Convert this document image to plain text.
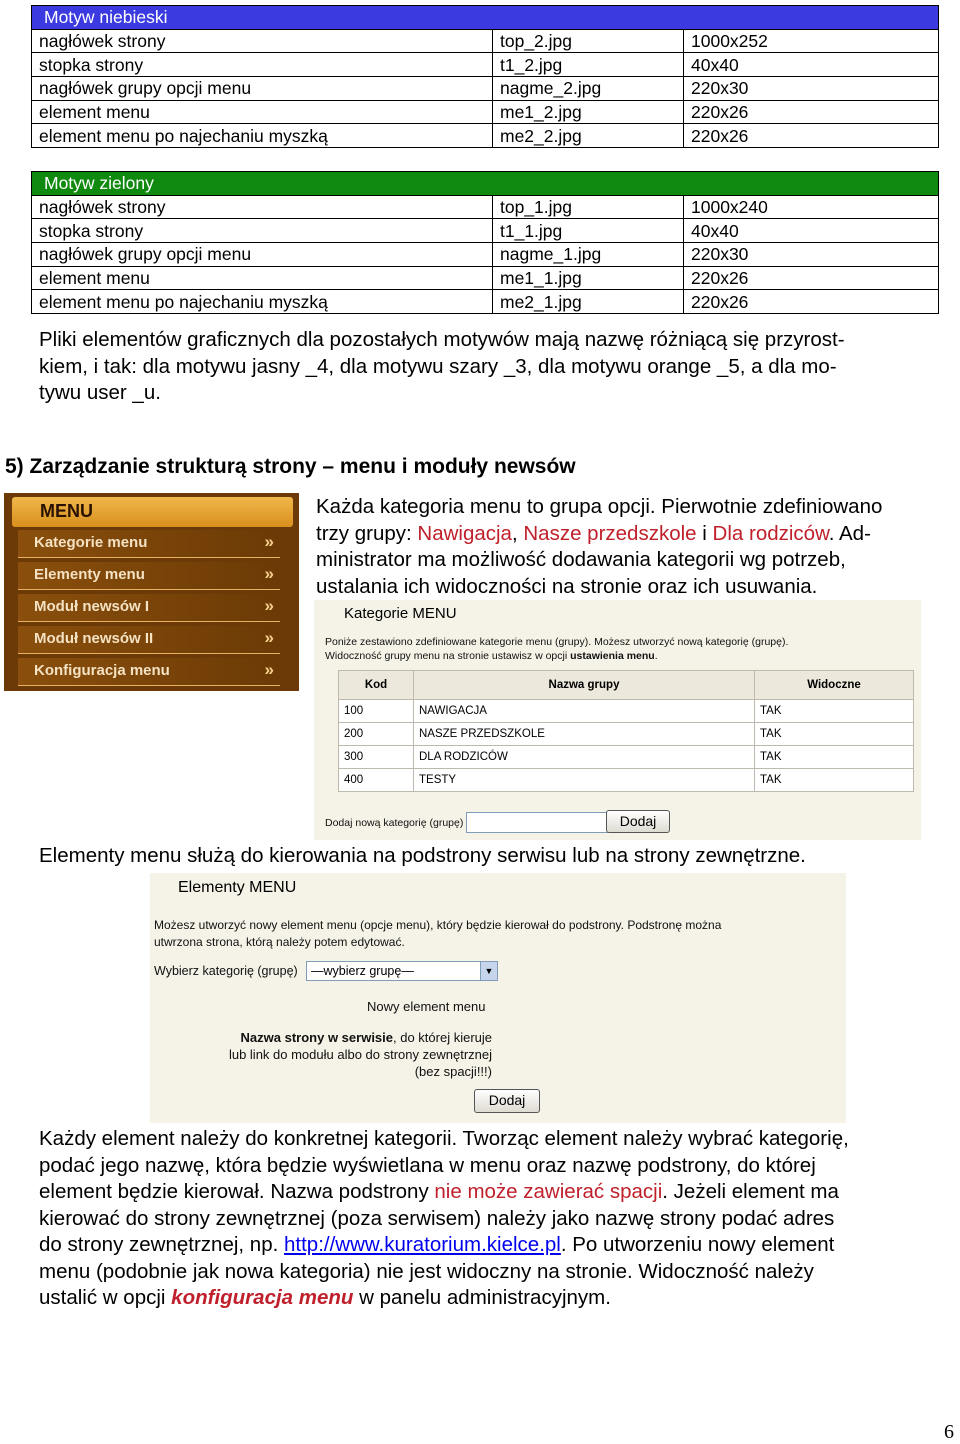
Motyw niebieski		
nagłówek strony	top_2.jpg	1000x252
stopka strony	t1_2.jpg	40x40
nagłówek grupy opcji menu	nagme_2.jpg	220x30
element menu	me1_2.jpg	220x26
element menu po najechaniu myszką	me2_2.jpg	220x26
Motyw zielony		
nagłówek strony	top_1.jpg	1000x240
stopka strony	t1_1.jpg	40x40
nagłówek grupy opcji menu	nagme_1.jpg	220x30
element menu	me1_1.jpg	220x26
element menu po najechaniu myszką	me2_1.jpg	220x26
Pliki elementów graficznych dla pozostałych motywów mają nazwę różniącą się przyrost-
kiem, i tak: dla motywu jasny _4, dla motywu szary _3, dla motywu orange _5, a dla mo-
tywu user _u.
5) Zarządzanie strukturą strony – menu i moduły newsów
MENU
Kategorie menu	»
Elementy menu	»
Moduł newsów I	»
Moduł newsów II	»
Konfiguracja menu	»
Każda kategoria menu to grupa opcji. Pierwotnie zdefiniowano
trzy grupy: Nawigacja, Nasze przedszkole i Dla rodziców. Ad-
ministrator ma możliwość dodawania kategorii wg potrzeb,
ustalania ich widoczności na stronie oraz ich usuwania.
Kategorie MENU
Poniże zestawiono zdefiniowane kategorie menu (grupy). Możesz utworzyć nową kategorię (grupę).
Widoczność grupy menu na stronie ustawisz w opcji ustawienia menu.
Kod	Nazwa grupy	Widoczne
100	NAWIGACJA	TAK
200	NASZE PRZEDSZKOLE	TAK
300	DLA RODZICÓW	TAK
400	TESTY	TAK
Dodaj nową kategorię (grupę)	Dodaj
Elementy menu służą do kierowania na podstrony serwisu lub na strony zewnętrzne.
Elementy MENU
Możesz utworzyć nowy element menu (opcje menu), który będzie kierował do podstrony. Podstronę można
utwrzona strona, którą należy potem edytować.
Wybierz kategorię (grupę)	—wybierz grupę—	▼
Nowy element menu
Nazwa strony w serwisie, do której kieruje
lub link do modułu albo do strony zewnętrznej
(bez spacji!!!)
Dodaj
Każdy element należy do konkretnej kategorii. Tworząc element należy wybrać kategorię,
podać jego nazwę, która będzie wyświetlana w menu oraz nazwę podstrony, do której
element będzie kierował. Nazwa podstrony nie może zawierać spacji. Jeżeli element ma
kierować do strony zewnętrznej (poza serwisem) należy jako nazwę strony podać adres
do strony zewnętrznej, np. http://www.kuratorium.kielce.pl. Po utworzeniu nowy element
menu (podobnie jak nowa kategoria) nie jest widoczny na stronie. Widoczność należy
ustalić w opcji konfiguracja menu w panelu administracyjnym.
6
